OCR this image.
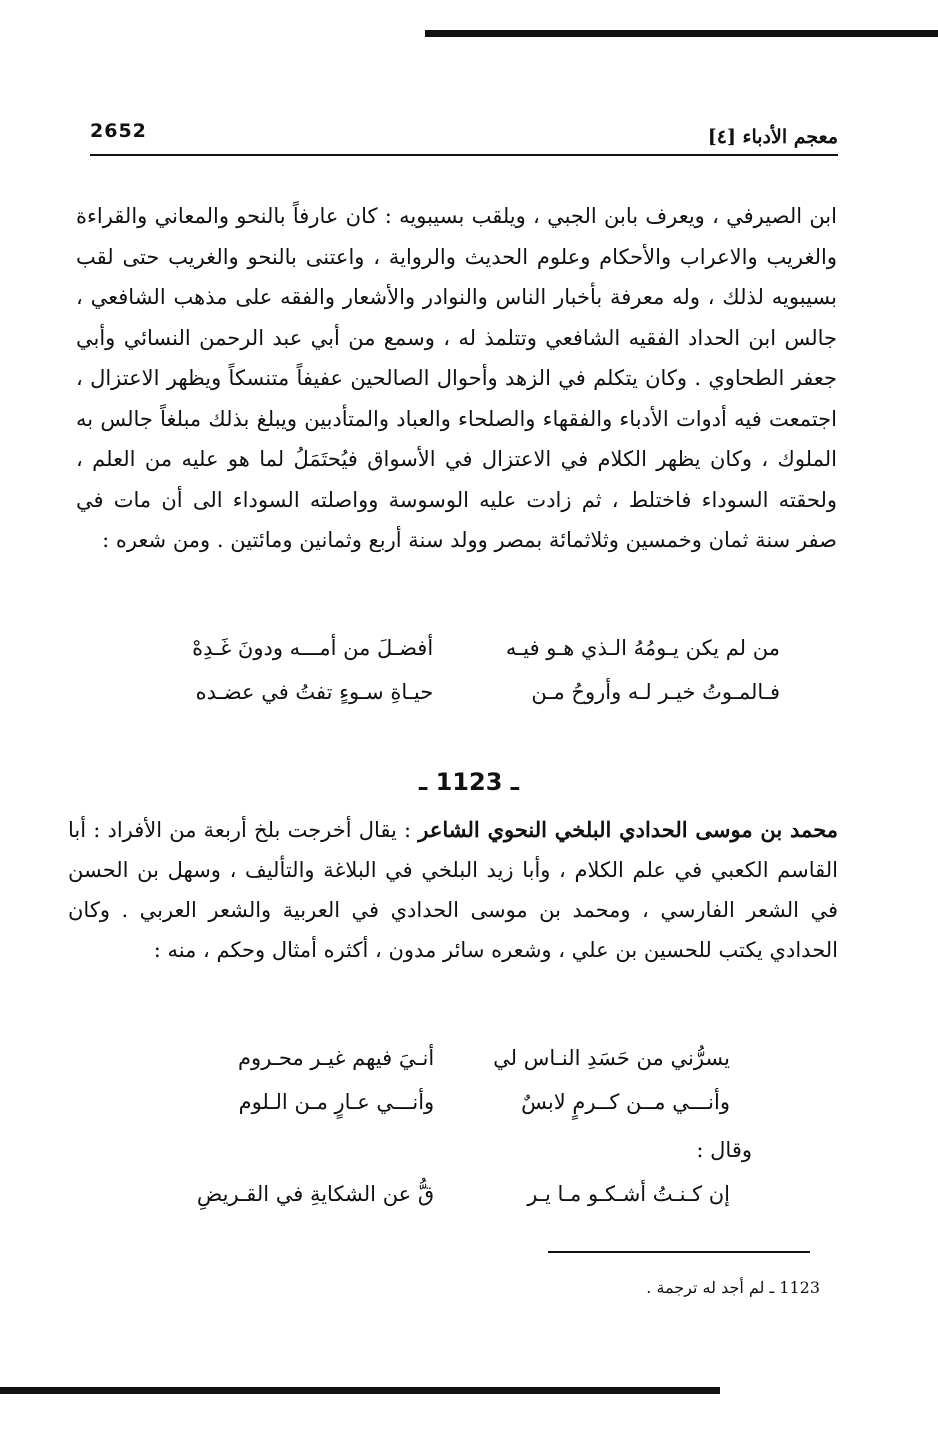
معجم الأدباء [٤]
2652
ابن الصيرفي ، ويعرف بابن الجبي ، ويلقب بسيبويه : كان عارفاً بالنحو والمعاني والقراءة والغريب والاعراب والأحكام وعلوم الحديث والرواية ، واعتنى بالنحو والغريب حتى لقب بسيبويه لذلك ، وله معرفة بأخبار الناس والنوادر والأشعار والفقه على مذهب الشافعي ، جالس ابن الحداد الفقيه الشافعي وتتلمذ له ، وسمع من أبي عبد الرحمن النسائي وأبي جعفر الطحاوي . وكان يتكلم في الزهد وأحوال الصالحين عفيفاً متنسكاً ويظهر الاعتزال ، اجتمعت فيه أدوات الأدباء والفقهاء والصلحاء والعباد والمتأدبين ويبلغ بذلك مبلغاً جالس به الملوك ، وكان يظهر الكلام في الاعتزال في الأسواق فيُحتَمَلُ لما هو عليه من العلم ، ولحقته السوداء فاختلط ، ثم زادت عليه الوسوسة وواصلته السوداء الى أن مات في صفر سنة ثمان وخمسين وثلاثمائة بمصر وولد سنة أربع وثمانين ومائتين . ومن شعره :
من لم يكن يـومُهُ الـذي هـو فيـه
أفضـلَ من أمـــه ودونَ غَـدِهْ
فـالمـوتُ خيـر لـه وأروحُ مـن
حيـاةِ سـوءٍ تفتُ في عضـده
ـ 1123 ـ
محمد بن موسى الحدادي البلخي النحوي الشاعر : يقال أخرجت بلخ أربعة من الأفراد : أبا القاسم الكعبي في علم الكلام ، وأبا زيد البلخي في البلاغة والتأليف ، وسهل بن الحسن في الشعر الفارسي ، ومحمد بن موسى الحدادي في العربية والشعر العربي . وكان الحدادي يكتب للحسين بن علي ، وشعره سائر مدون ، أكثره أمثال وحكم ، منه :
يسرُّني من حَسَدِ النـاس لي
أنـيَ فيهم غيـر محـروم
وأنـــي مــن كــرمٍ لابسٌ
وأنـــي عـارٍ مـن الـلوم
وقال :
إن كـنـتُ أشـكـو مـا يـر
قُّ عن الشكايةِ في القـريضِ
1123 ـ لم أجد له ترجمة .
